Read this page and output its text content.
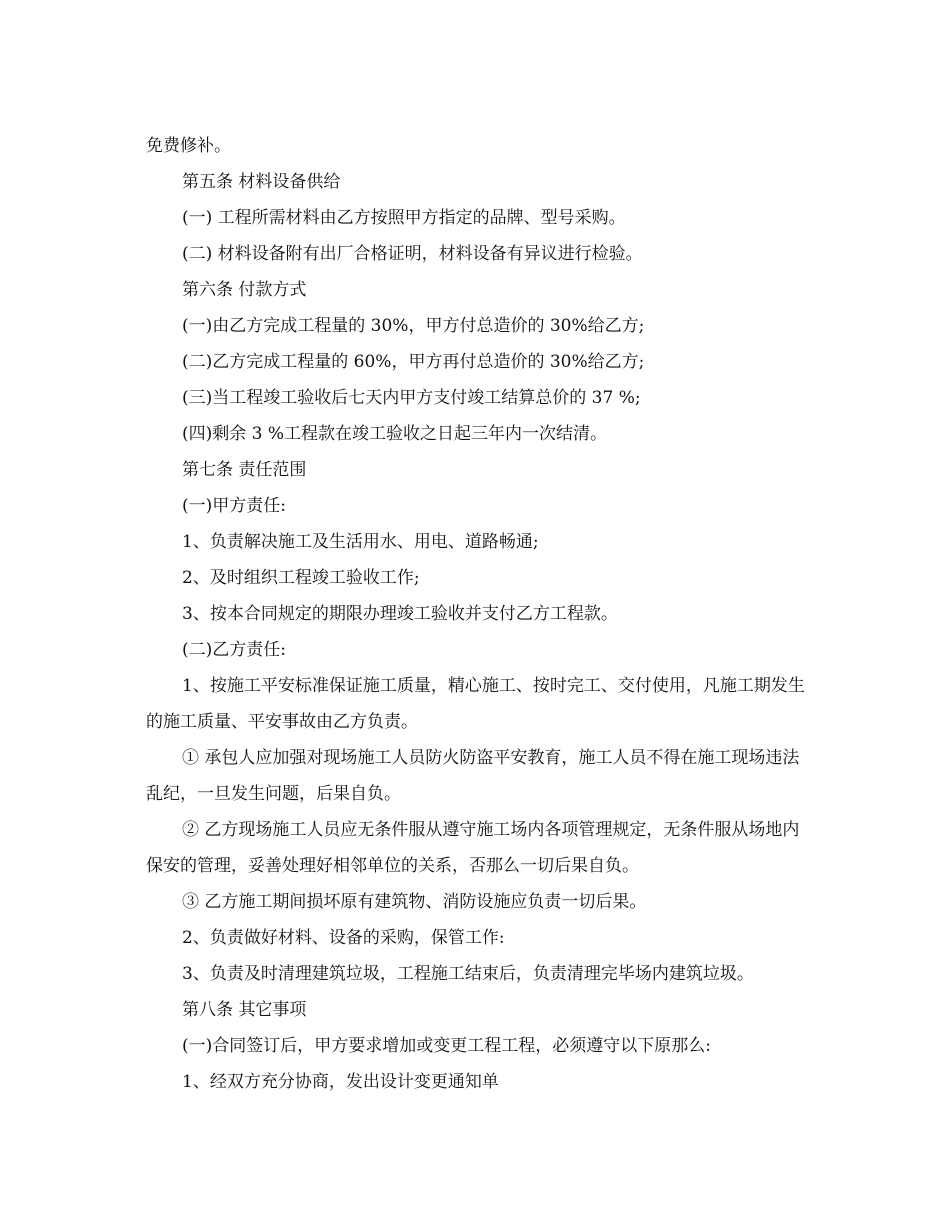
免费修补。

第五条 材料设备供给

(一) 工程所需材料由乙方按照甲方指定的品牌、型号采购。

(二) 材料设备附有出厂合格证明，材料设备有异议进行检验。

第六条 付款方式

(一)由乙方完成工程量的 30%，甲方付总造价的 30%给乙方;

(二)乙方完成工程量的 60%，甲方再付总造价的 30%给乙方;

(三)当工程竣工验收后七天内甲方支付竣工结算总价的 37 %;

(四)剩余 3 %工程款在竣工验收之日起三年内一次结清。

第七条 责任范围

(一)甲方责任:

1、负责解决施工及生活用水、用电、道路畅通;

2、及时组织工程竣工验收工作;

3、按本合同规定的期限办理竣工验收并支付乙方工程款。

(二)乙方责任:

1、按施工平安标准保证施工质量，精心施工、按时完工、交付使用，凡施工期发生的施工质量、平安事故由乙方负责。

① 承包人应加强对现场施工人员防火防盗平安教育，施工人员不得在施工现场违法乱纪，一旦发生问题，后果自负。

② 乙方现场施工人员应无条件服从遵守施工场内各项管理规定，无条件服从场地内保安的管理，妥善处理好相邻单位的关系，否那么一切后果自负。

③ 乙方施工期间损坏原有建筑物、消防设施应负责一切后果。

2、负责做好材料、设备的采购，保管工作:

3、负责及时清理建筑垃圾，工程施工结束后，负责清理完毕场内建筑垃圾。

第八条 其它事项

(一)合同签订后，甲方要求增加或变更工程工程，必须遵守以下原那么:

1、经双方充分协商，发出设计变更通知单
